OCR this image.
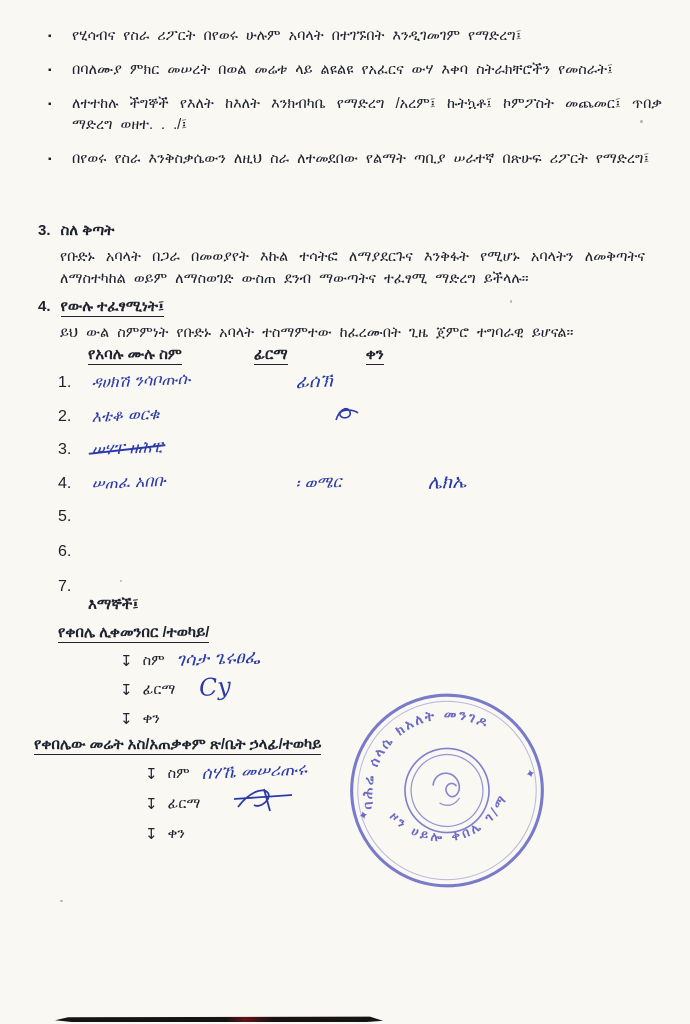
▪	የሂሳብና የስራ ሪፖርት በየወሩ ሁሉም አባላት በተገኙበት እንዲገመገም የማድረግ፤
▪	በባለሙያ ምክር መሠረት በወል መሬቱ ላይ ልዩልዩ የአፈርና ውሃ እቀባ ስትራክቸሮችን የመስራት፤
▪	ለተተከሉ ችግኞች የእለት ከእለት እንክብካቤ የማድረግ /አረም፤ ኩትኳቶ፤ ኮምፖስት መጨመር፤ ጥበቃ ማድረግ ወዘተ. . ./፤
▪	በየወሩ የስራ እንቅስቃሴውን ለዚህ ስራ ለተመደበው የልማት ጣቢያ ሠራተኛ በጽሁፍ ሪፖርት የማድረግ፤
3. ስለ ቅጣት
የቡድኑ አባላት በጋራ በመወያየት እኩል ተሳትፎ ለማያደርጉና እንቅፋት የሚሆኑ አባላትን ለመቅጣትና ለማስተካከል ወይም ለማስወገድ ውስጠ ደንብ ማውጣትና ተፈፃሚ ማድረግ ይችላሉ።
4. የውሉ ተፈፃሚነት፤
ይህ ውል ስምምነት የቡድኑ አባላት ተስማምተው ከፈረሙበት ጊዜ ጀምሮ ተግባራዊ ይሆናል።
የአባሉ ሙሉ ስም	ፊርማ	ቀን
1.	ዳሀክሽ ንሳቦጡሱ	ፊሰኽ
2.	እቴቆ ወርቁ
3.	ሠሃፐ ዘሕፒ
4.	ሠጠፈ አበቡ	፡ ወሜር	ሌክኤ
5.
6.
7.
እማኞች፤
የቀበሌ ሊቀመንበር /ተወካይ/
↧ ስም ገሳታ ጌሩፀፌ
↧ ፊርማ Cy
↧ ቀን
የቀበሌው መሬት አስ/አጠቃቀም ጽ/ቤት ኃላፊ/ተወካይ
↧ ስም ሰሃኼ መሠሪጡሩ
↧ ፊርማ
↧ ቀን
ባሕሬ ሰላሴ ክአለት መንገዶ
ዞን ሀይሎ ቀበሌ ገ/ማ
✦
✦
